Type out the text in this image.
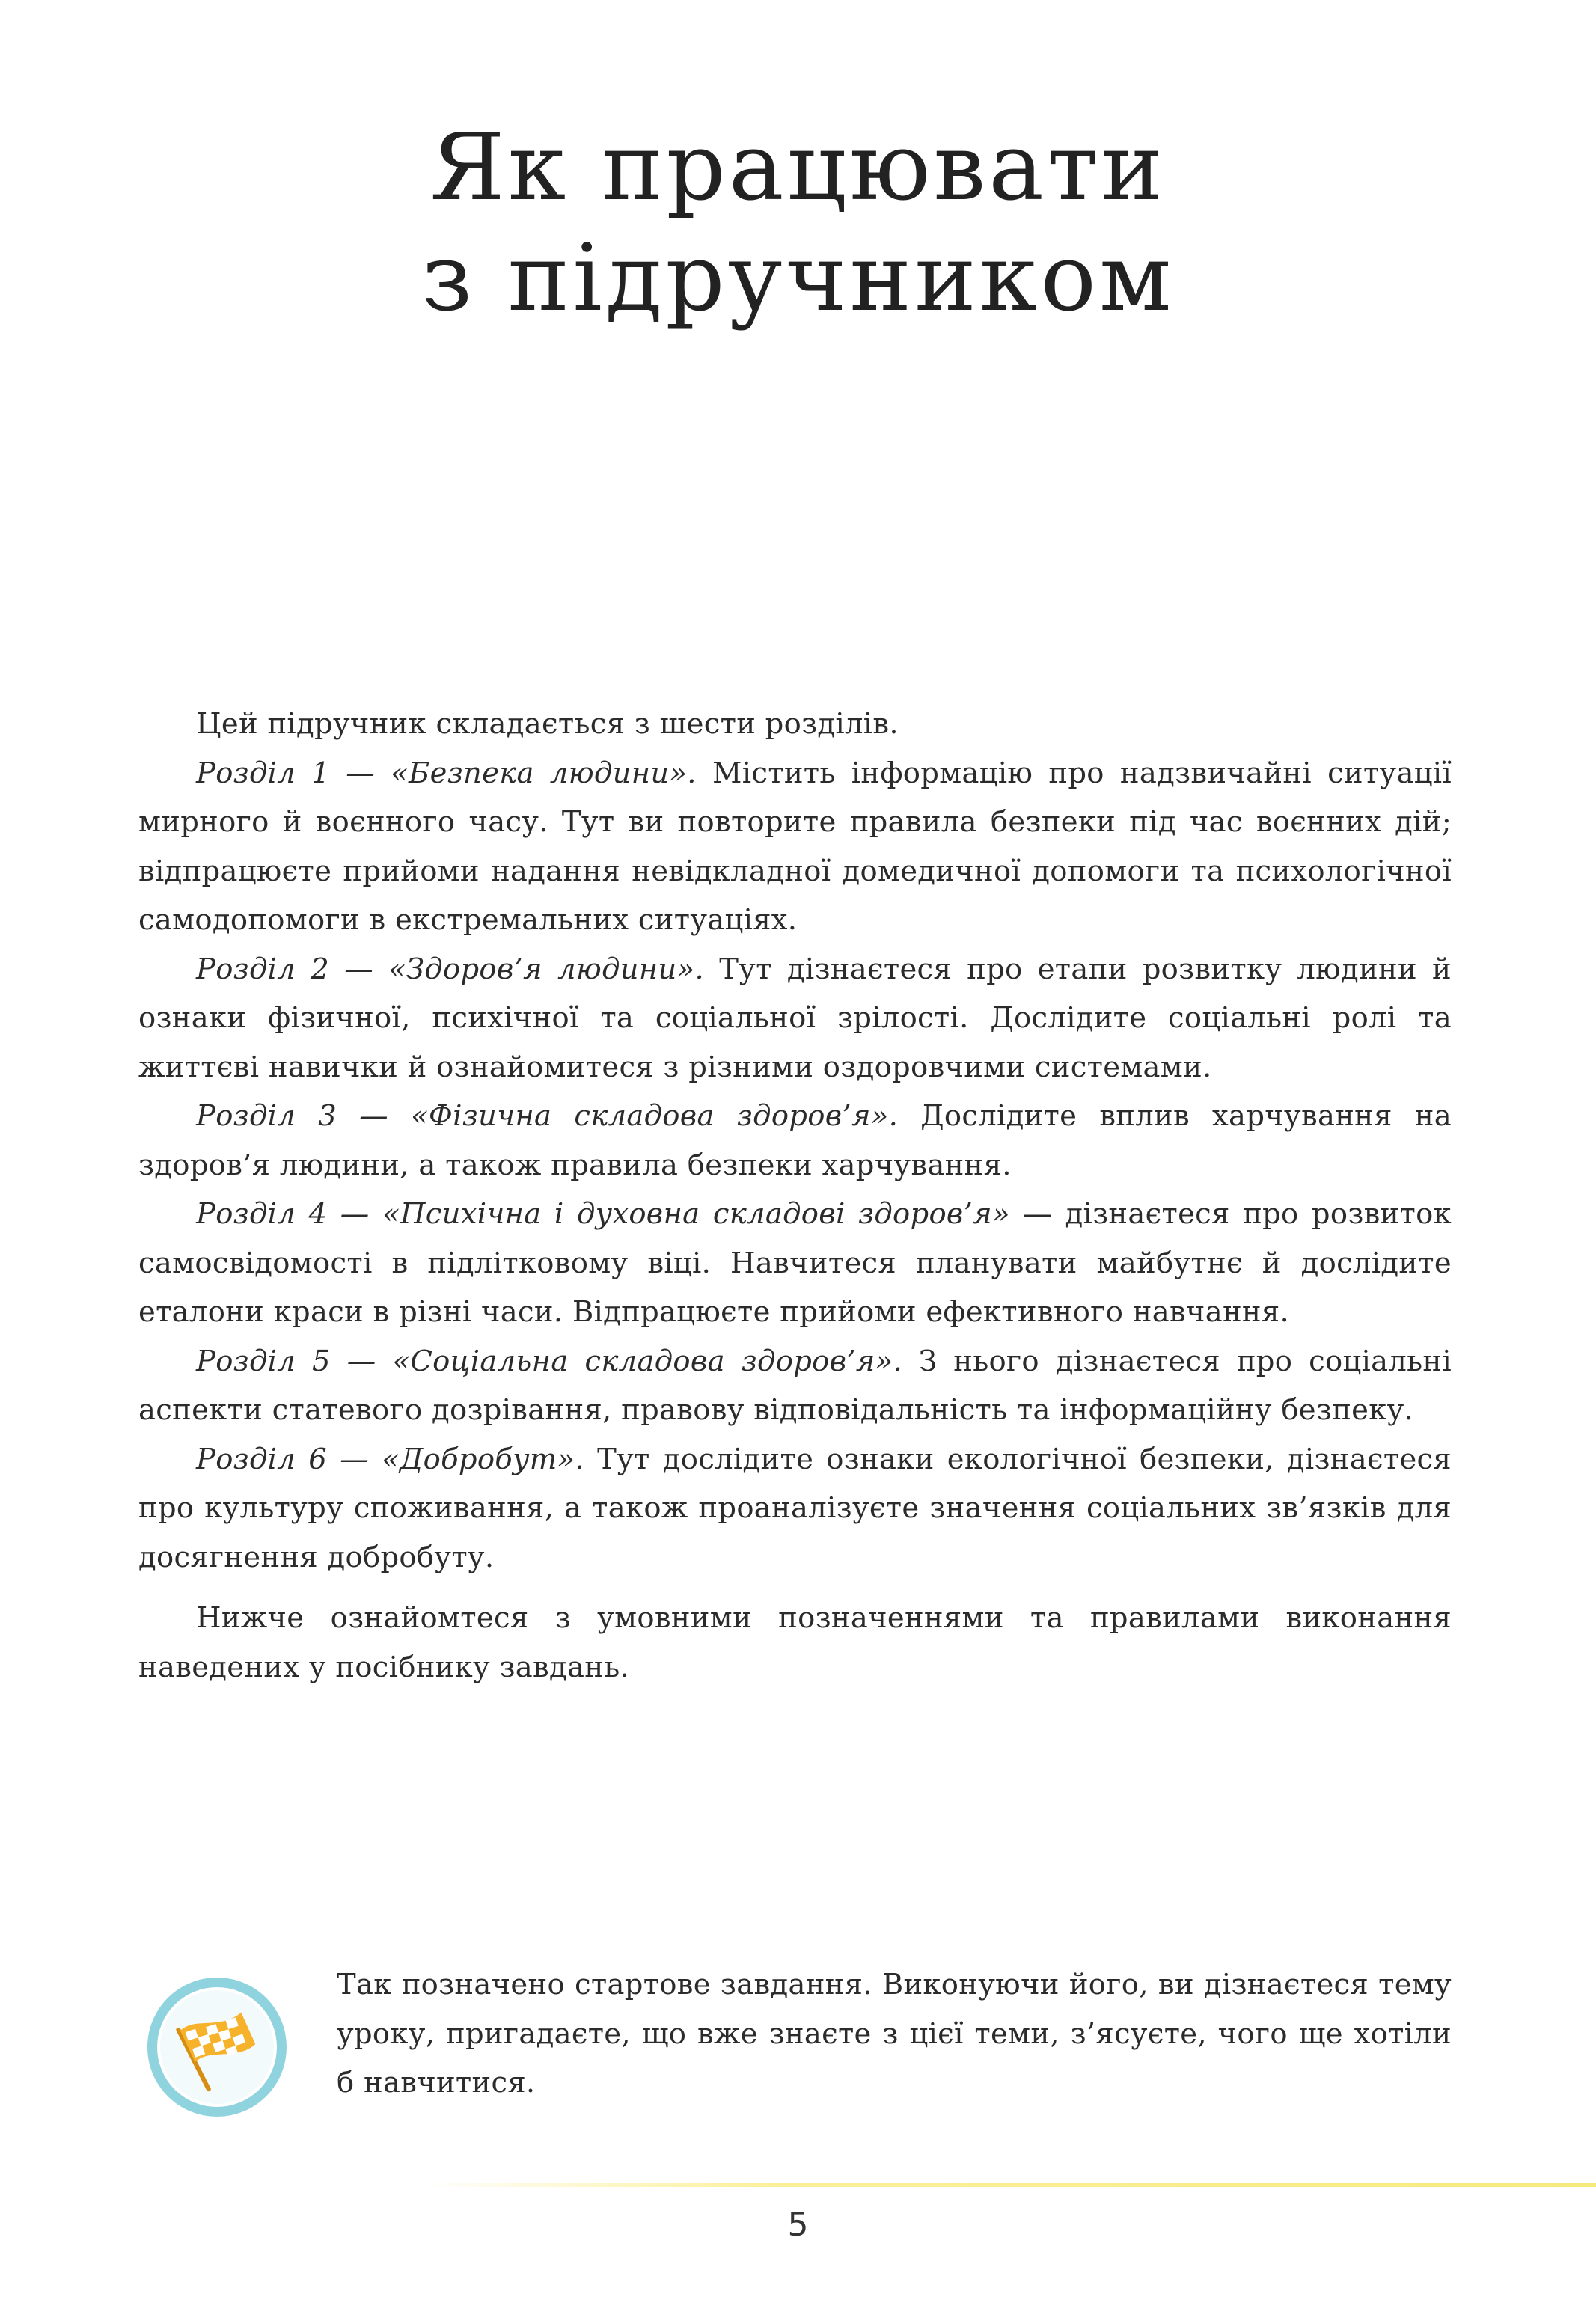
Як працювати
з підручником

Цей підручник складається з шести розділів.

Розділ 1 — «Безпека людини». Містить інформацію про надзвичайні ситуації мирного й воєнного часу. Тут ви повторите правила безпеки під час воєнних дій; відпрацюєте прийоми надання невідкладної домедичної допомоги та психологічної самодопомоги в екстремальних ситуаціях.

Розділ 2 — «Здоров’я людини». Тут дізнаєтеся про етапи розвитку людини й ознаки фізичної, психічної та соціальної зрілості. Дослідите соціальні ролі та життєві навички й ознайомитеся з різними оздоровчими системами.

Розділ 3 — «Фізична складова здоров’я». Дослідите вплив харчування на здоров’я людини, а також правила безпеки харчування.

Розділ 4 — «Психічна і духовна складові здоров’я» — дізнаєтеся про розвиток самосвідомості в підлітковому віці. Навчитеся планувати майбутнє й дослідите еталони краси в різні часи. Відпрацюєте прийоми ефективного навчання.

Розділ 5 — «Соціальна складова здоров’я». З нього дізнаєтеся про соціальні аспекти статевого дозрівання, правову відповідальність та інформаційну безпеку.

Розділ 6 — «Добробут». Тут дослідите ознаки екологічної безпеки, дізнаєтеся про культуру споживання, а також проаналізуєте значення соціальних зв’язків для досягнення добробуту.

Нижче ознайомтеся з умовними позначеннями та правилами виконання наведених у посібнику завдань.

Так позначено стартове завдання. Виконуючи його, ви дізнаєтеся тему уроку, пригадаєте, що вже знаєте з цієї теми, з’ясуєте, чого ще хотіли б навчитися.
5
